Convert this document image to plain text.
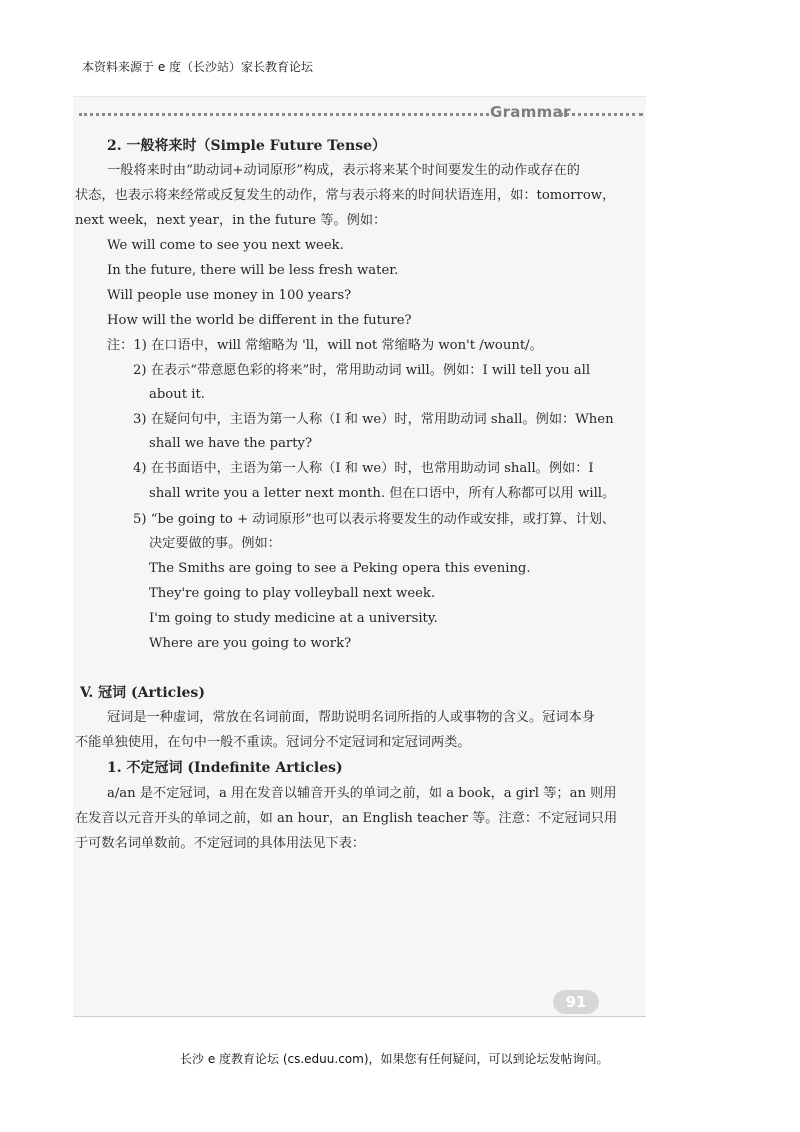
本资料来源于 e 度（长沙站）家长教育论坛
Grammar
2. 一般将来时（Simple Future Tense）
一般将来时由“助动词+动词原形”构成，表示将来某个时间要发生的动作或存在的
状态，也表示将来经常或反复发生的动作，常与表示将来的时间状语连用，如：tomorrow，
next week，next year，in the future 等。例如：
We will come to see you next week.
In the future, there will be less fresh water.
Will people use money in 100 years?
How will the world be different in the future?
注：1) 在口语中，will 常缩略为 'll，will not 常缩略为 won't /wount/。
2) 在表示“带意愿色彩的将来”时，常用助动词 will。例如：I will tell you all
about it.
3) 在疑问句中，主语为第一人称（I 和 we）时，常用助动词 shall。例如：When
shall we have the party?
4) 在书面语中，主语为第一人称（I 和 we）时，也常用助动词 shall。例如：I
shall write you a letter next month. 但在口语中，所有人称都可以用 will。
5) “be going to + 动词原形”也可以表示将要发生的动作或安排，或打算、计划、
决定要做的事。例如：
The Smiths are going to see a Peking opera this evening.
They're going to play volleyball next week.
I'm going to study medicine at a university.
Where are you going to work?
V. 冠词 (Articles)
冠词是一种虚词，常放在名词前面，帮助说明名词所指的人或事物的含义。冠词本身
不能单独使用，在句中一般不重读。冠词分不定冠词和定冠词两类。
1. 不定冠词 (Indefinite Articles)
a/an 是不定冠词，a 用在发音以辅音开头的单词之前，如 a book，a girl 等；an 则用
在发音以元音开头的单词之前，如 an hour，an English teacher 等。注意：不定冠词只用
于可数名词单数前。不定冠词的具体用法见下表：
91
长沙 e 度教育论坛 (cs.eduu.com)，如果您有任何疑问，可以到论坛发帖询问。
